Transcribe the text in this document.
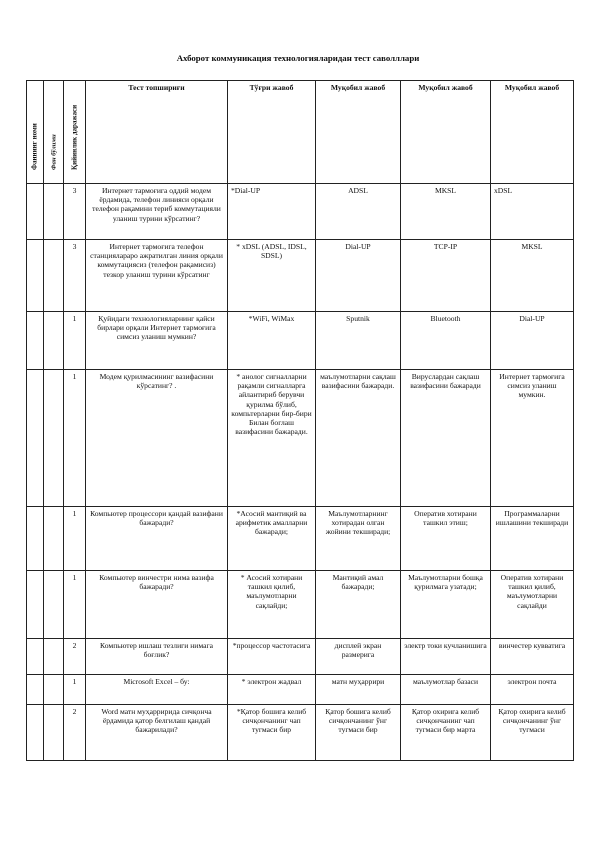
Ахборот коммуникация технологияларидан тест саволллари
Фаннинг номи	Фан бўлими	Қийинлик даражаси	Тест топшириғи	Тўғри жавоб	Муқобил жавоб	Муқобил жавоб	Муқобил жавоб
		3	Интернет тармоғига оддий модем ёрдамида, телефон линияси орқали телефон рақамини териб коммутацияли уланиш турини кўрсатинг?	*Dial-UP	ADSL	MKSL	xDSL
		3	Интернет тармоғига телефон станцияларaро ажратилган линия орқали коммутациясиз (телефон рақамисиз) тезкор уланиш турини кўрсатинг	* xDSL (ADSL, IDSL, SDSL)	Dial-UP	TCP-IP	MKSL
		1	Қуйидаги технологияларнинг қайси бирлари орқали Интернет тармоғига симсиз уланиш мумкин?	*WiFi, WiMax	Sputnik	Bluetooth	Dial-UP
		1	Модем қурилмасининг вазифасини кўрсатинг? .	* анолог сигналларни рақамли сигналларга айлантириб берувчи қурилма бўлиб, компьтерларни бир-бири Билан боглаш вазифасини бажаради.	маълумотларни сақлаш вазифасини бажаради.	Вируслардан сақлаш вазифасини бажаради	Интернет тармоғига симсиз уланиш мумкин.
		1	Компьютер процессори қандай вазифани бажаради?	*Асосий мантиқий ва арифметик амалларни бажаради;	Маълумотларнинг хотирадан олган жойини текширади;	Оператив хотирани ташкил этиш;	Программаларни ишлашини текширади
		1	Компьютер винчестри нима вазифа бажаради?	* Асосий хотирани ташкил қилиб, маълумотларни сақлайди;	Мантиқий амал бажаради;	Маълумотларни бошқа қурилмага узатади;	Оператив хотирани ташкил қилиб, маълумотларни сақлайди
		2	Компьютер ишлаш тезлиги нимага боғлик?	*процессор частотасига	дисплей экран размерига	электр токи кучланишига	винчестер кувватига
		1	Microsoft Excel – бу:	* электрон жадвал	матн муҳаррири	маълумотлар базаси	электрон почта
		2	Word матн муҳарририда сичқонча ёрдамида қатор белгилаш қандай бажарилади?	*Қатор бошига келиб сичқончанинг чап тугмаси бир	Қатор бошига келиб сичқончанинг ўнг тугмаси бир	Қатор охирига келиб сичқончанинг чап тугмаси бир марта	Қатор охирига келиб сичқончанинг ўнг тугмаси
